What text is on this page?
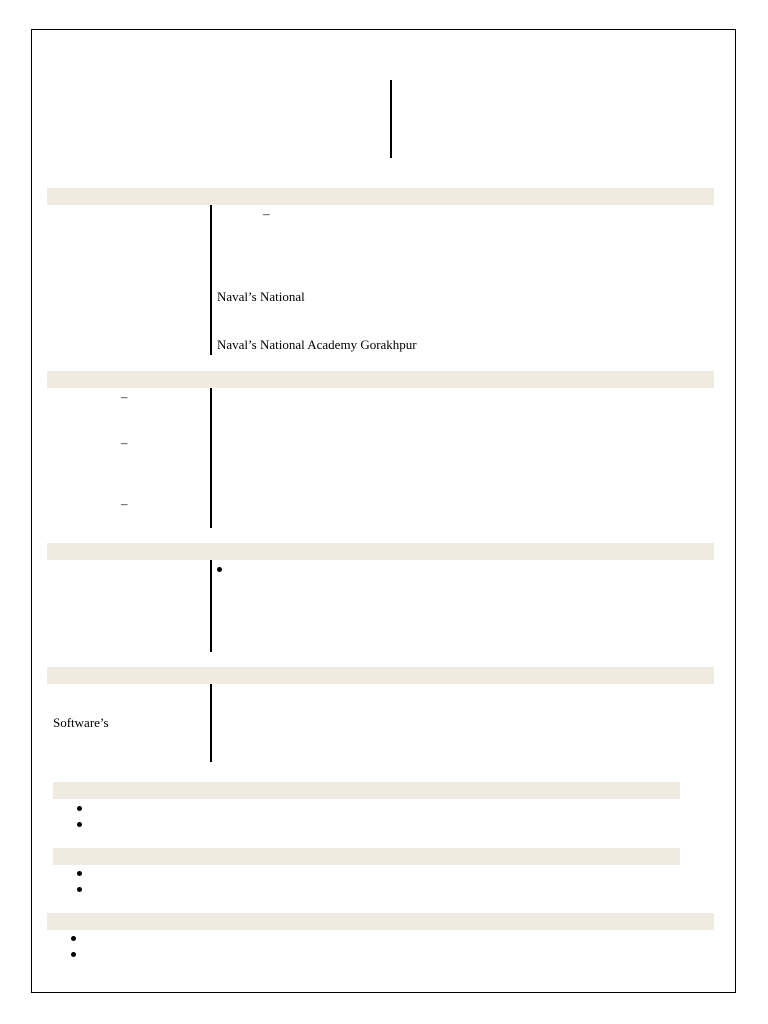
–
Naval’s National
Naval’s National Academy Gorakhpur
–
–
–
Software’s
